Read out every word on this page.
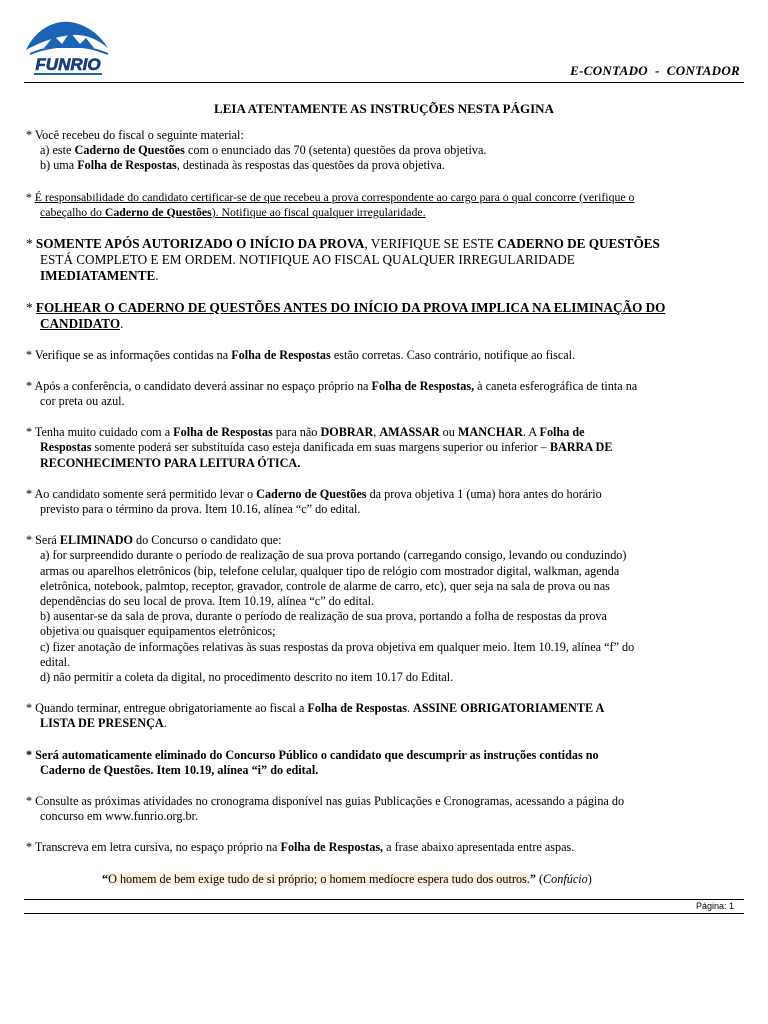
FUNRIO	E-CONTADO  -  CONTADOR
LEIA ATENTAMENTE AS INSTRUÇÕES NESTA PÁGINA
* Você recebeu do fiscal o seguinte material:
a) este Caderno de Questões com o enunciado das 70 (setenta) questões da prova objetiva.
b) uma Folha de Respostas, destinada às respostas das questões da prova objetiva.
* É responsabilidade do candidato certificar-se de que recebeu a prova correspondente ao cargo para o qual concorre (verifique o
cabeçalho do Caderno de Questões). Notifique ao fiscal qualquer irregularidade.
* SOMENTE APÓS AUTORIZADO O INÍCIO DA PROVA, VERIFIQUE SE ESTE CADERNO DE QUESTÕES
ESTÁ COMPLETO E EM ORDEM. NOTIFIQUE AO FISCAL QUALQUER IRREGULARIDADE
IMEDIATAMENTE.
* FOLHEAR O CADERNO DE QUESTÕES ANTES DO INÍCIO DA PROVA IMPLICA NA ELIMINAÇÃO DO
CANDIDATO.
* Verifique se as informações contidas na Folha de Respostas estão corretas. Caso contrário, notifique ao fiscal.
* Após a conferência, o candidato deverá assinar no espaço próprio na Folha de Respostas, à caneta esferográfica de tinta na
cor preta ou azul.
* Tenha muito cuidado com a Folha de Respostas para não DOBRAR, AMASSAR ou MANCHAR. A Folha de
Respostas somente poderá ser substituída caso esteja danificada em suas margens superior ou inferior – BARRA DE
RECONHECIMENTO PARA LEITURA ÓTICA.
* Ao candidato somente será permitido levar o Caderno de Questões da prova objetiva 1 (uma) hora antes do horário
previsto para o término da prova. Item 10.16, alínea “c” do edital.
* Será ELIMINADO do Concurso o candidato que:
a) for surpreendido durante o período de realização de sua prova portando (carregando consigo, levando ou conduzindo)
armas ou aparelhos eletrônicos (bip, telefone celular, qualquer tipo de relógio com mostrador digital, walkman, agenda
eletrônica, notebook, palmtop, receptor, gravador, controle de alarme de carro, etc), quer seja na sala de prova ou nas
dependências do seu local de prova. Item 10.19, alínea “c” do edital.
b) ausentar-se da sala de prova, durante o período de realização de sua prova, portando a folha de respostas da prova
objetiva ou quaisquer equipamentos eletrônicos;
c) fizer anotação de informações relativas às suas respostas da prova objetiva em qualquer meio. Item 10.19, alínea “f” do
edital.
d) não permitir a coleta da digital, no procedimento descrito no item 10.17 do Edital.
* Quando terminar, entregue obrigatoriamente ao fiscal a Folha de Respostas. ASSINE OBRIGATORIAMENTE A
LISTA DE PRESENÇA.
* Será automaticamente eliminado do Concurso Público o candidato que descumprir as instruções contidas no
Caderno de Questões. Item 10.19, alínea “i” do edital.
* Consulte as próximas atividades no cronograma disponível nas guias Publicações e Cronogramas, acessando a página do
concurso em www.funrio.org.br.
* Transcreva em letra cursiva, no espaço próprio na Folha de Respostas, a frase abaixo apresentada entre aspas.
“O homem de bem exige tudo de si próprio; o homem medíocre espera tudo dos outros.” (Confúcio)
Página: 1
